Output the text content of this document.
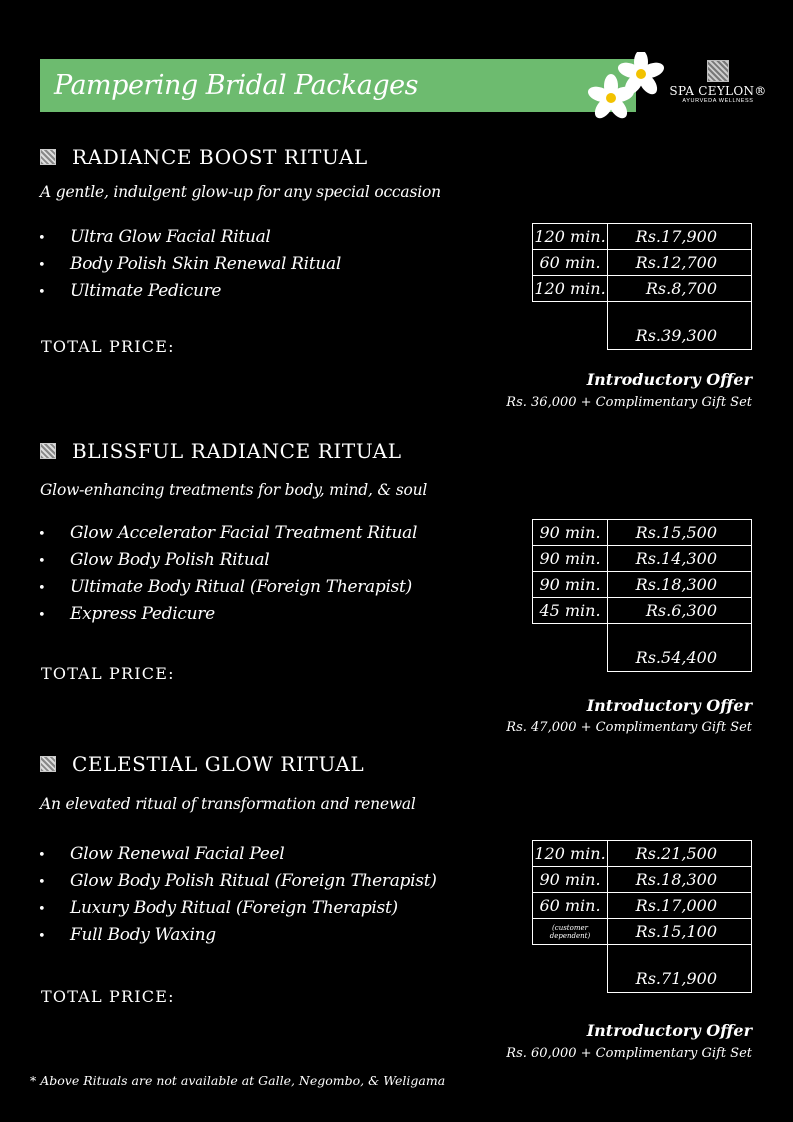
Pampering Bridal Packages	SPA CEYLON®
AYURVEDA WELLNESS
RADIANCE BOOST RITUAL
A gentle, indulgent glow-up for any special occasion
• Ultra Glow Facial Ritual
• Body Polish Skin Renewal Ritual
• Ultimate Pedicure
TOTAL PRICE:
120 min.	Rs.17,900
60 min.	Rs.12,700
120 min.	Rs.8,700
	Rs.39,300
Introductory Offer
Rs. 36,000 + Complimentary Gift Set
BLISSFUL RADIANCE RITUAL
Glow-enhancing treatments for body, mind, & soul
• Glow Accelerator Facial Treatment Ritual
• Glow Body Polish Ritual
• Ultimate Body Ritual (Foreign Therapist)
• Express Pedicure
TOTAL PRICE:
90 min.	Rs.15,500
90 min.	Rs.14,300
90 min.	Rs.18,300
45 min.	Rs.6,300
	Rs.54,400
Introductory Offer
Rs. 47,000 + Complimentary Gift Set
CELESTIAL GLOW RITUAL
An elevated ritual of transformation and renewal
• Glow Renewal Facial Peel
• Glow Body Polish Ritual (Foreign Therapist)
• Luxury Body Ritual (Foreign Therapist)
• Full Body Waxing
TOTAL PRICE:
120 min.	Rs.21,500
90 min.	Rs.18,300
60 min.	Rs.17,000
(customer
dependent)	Rs.15,100
	Rs.71,900
Introductory Offer
Rs. 60,000 + Complimentary Gift Set
* Above Rituals are not available at Galle, Negombo, & Weligama
